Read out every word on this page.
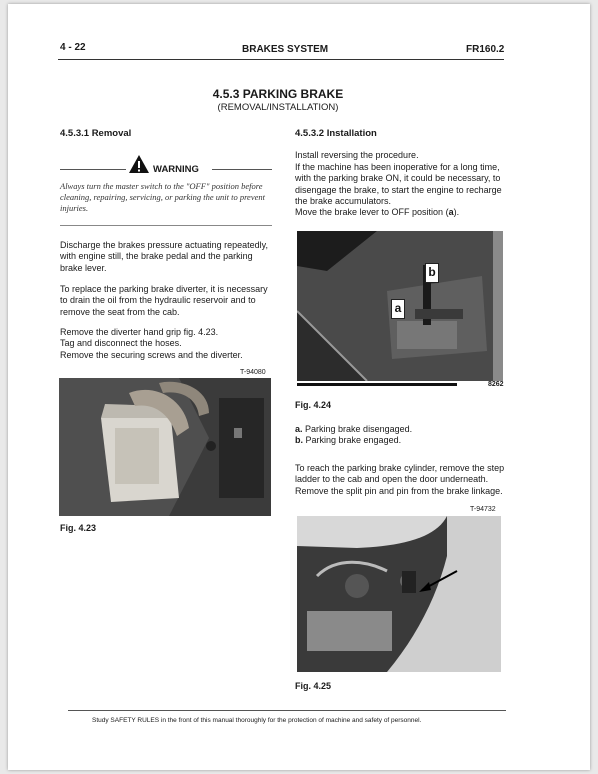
4 - 22	BRAKES SYSTEM	FR160.2
4.5.3 PARKING BRAKE
(REMOVAL/INSTALLATION)
4.5.3.1 Removal
WARNING
Always turn the master switch to the "OFF" position before cleaning, repairing, servicing, or parking the unit to prevent injuries.
Discharge the brakes pressure actuating repeatedly, with engine still, the brake pedal and the parking brake lever.
To replace the parking brake diverter, it is necessary to drain the oil from the hydraulic reservoir and to remove the seat from the cab.
Remove the diverter hand grip fig. 4.23.
Tag and disconnect the hoses.
Remove the securing screws and the diverter.
T-94080
Fig. 4.23
4.5.3.2 Installation
Install reversing the procedure.
If the machine has been inoperative for a long time, with the parking brake ON, it could be necessary, to disengage the brake, to start the engine to recharge the brake accumulators.
Move the brake lever to OFF position (a).
b
a
8262
Fig. 4.24
a. Parking brake disengaged.
b. Parking brake engaged.
To reach the parking brake cylinder, remove the step ladder to the cab and open the door underneath. Remove the split pin and pin from the brake linkage.
T-94732
Fig. 4.25
Study SAFETY RULES in the front of this manual thoroughly for the protection of machine and safety of personnel.
